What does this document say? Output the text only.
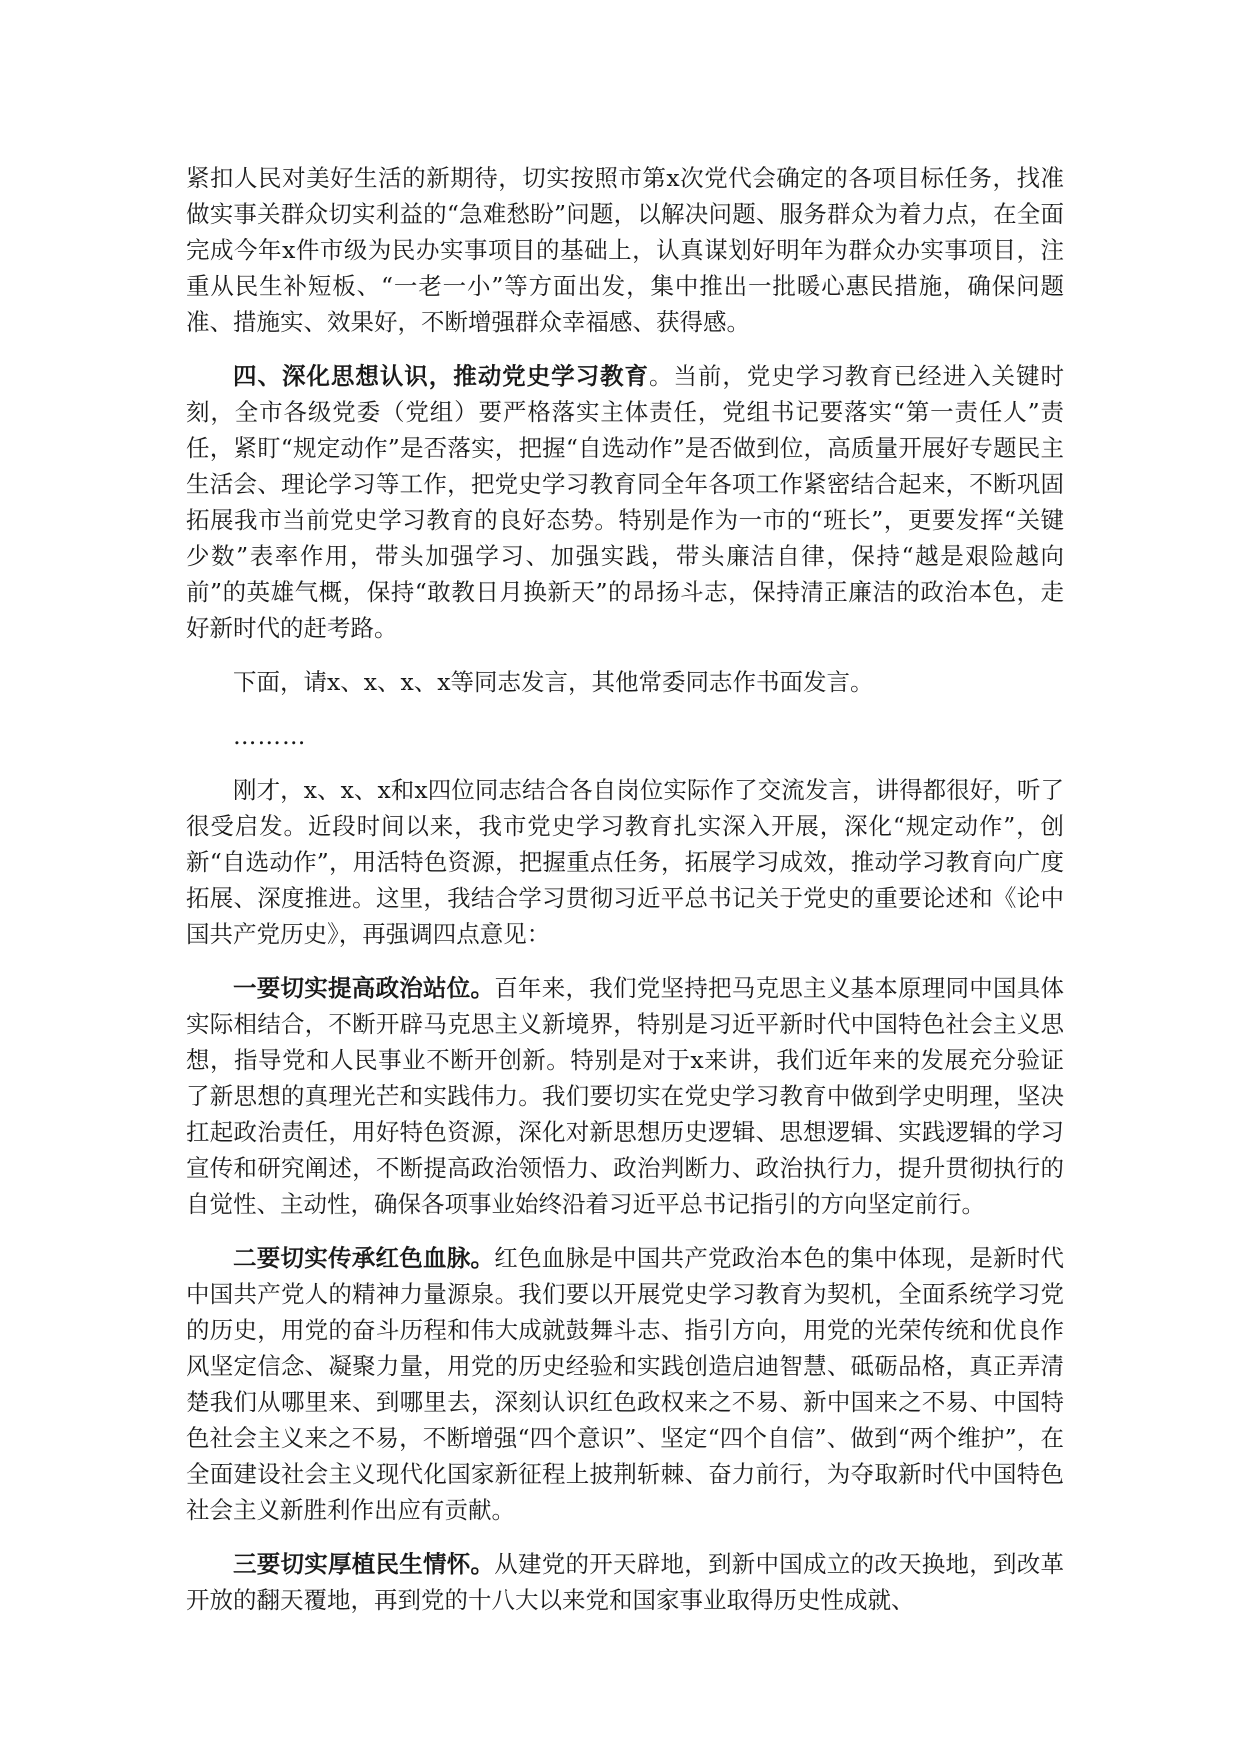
紧扣人民对美好生活的新期待，切实按照市第x次党代会确定的各项目标任务，找准做实事关群众切实利益的“急难愁盼”问题，以解决问题、服务群众为着力点，在全面完成今年x件市级为民办实事项目的基础上，认真谋划好明年为群众办实事项目，注重从民生补短板、“一老一小”等方面出发，集中推出一批暖心惠民措施，确保问题准、措施实、效果好，不断增强群众幸福感、获得感。

四、深化思想认识，推动党史学习教育。当前，党史学习教育已经进入关键时刻，全市各级党委（党组）要严格落实主体责任，党组书记要落实“第一责任人”责任，紧盯“规定动作”是否落实，把握“自选动作”是否做到位，高质量开展好专题民主生活会、理论学习等工作，把党史学习教育同全年各项工作紧密结合起来，不断巩固拓展我市当前党史学习教育的良好态势。特别是作为一市的“班长”，更要发挥“关键少数”表率作用，带头加强学习、加强实践，带头廉洁自律，保持“越是艰险越向前”的英雄气概，保持“敢教日月换新天”的昂扬斗志，保持清正廉洁的政治本色，走好新时代的赶考路。

下面，请x、x、x、x等同志发言，其他常委同志作书面发言。

………

刚才，x、x、x和x四位同志结合各自岗位实际作了交流发言，讲得都很好，听了很受启发。近段时间以来，我市党史学习教育扎实深入开展，深化“规定动作”，创新“自选动作”，用活特色资源，把握重点任务，拓展学习成效，推动学习教育向广度拓展、深度推进。这里，我结合学习贯彻习近平总书记关于党史的重要论述和《论中国共产党历史》，再强调四点意见：

一要切实提高政治站位。百年来，我们党坚持把马克思主义基本原理同中国具体实际相结合，不断开辟马克思主义新境界，特别是习近平新时代中国特色社会主义思想，指导党和人民事业不断开创新。特别是对于x来讲，我们近年来的发展充分验证了新思想的真理光芒和实践伟力。我们要切实在党史学习教育中做到学史明理，坚决扛起政治责任，用好特色资源，深化对新思想历史逻辑、思想逻辑、实践逻辑的学习宣传和研究阐述，不断提高政治领悟力、政治判断力、政治执行力，提升贯彻执行的自觉性、主动性，确保各项事业始终沿着习近平总书记指引的方向坚定前行。

二要切实传承红色血脉。红色血脉是中国共产党政治本色的集中体现，是新时代中国共产党人的精神力量源泉。我们要以开展党史学习教育为契机，全面系统学习党的历史，用党的奋斗历程和伟大成就鼓舞斗志、指引方向，用党的光荣传统和优良作风坚定信念、凝聚力量，用党的历史经验和实践创造启迪智慧、砥砺品格，真正弄清楚我们从哪里来、到哪里去，深刻认识红色政权来之不易、新中国来之不易、中国特色社会主义来之不易，不断增强“四个意识”、坚定“四个自信”、做到“两个维护”，在全面建设社会主义现代化国家新征程上披荆斩棘、奋力前行，为夺取新时代中国特色社会主义新胜利作出应有贡献。

三要切实厚植民生情怀。从建党的开天辟地，到新中国成立的改天换地，到改革开放的翻天覆地，再到党的十八大以来党和国家事业取得历史性成就、
